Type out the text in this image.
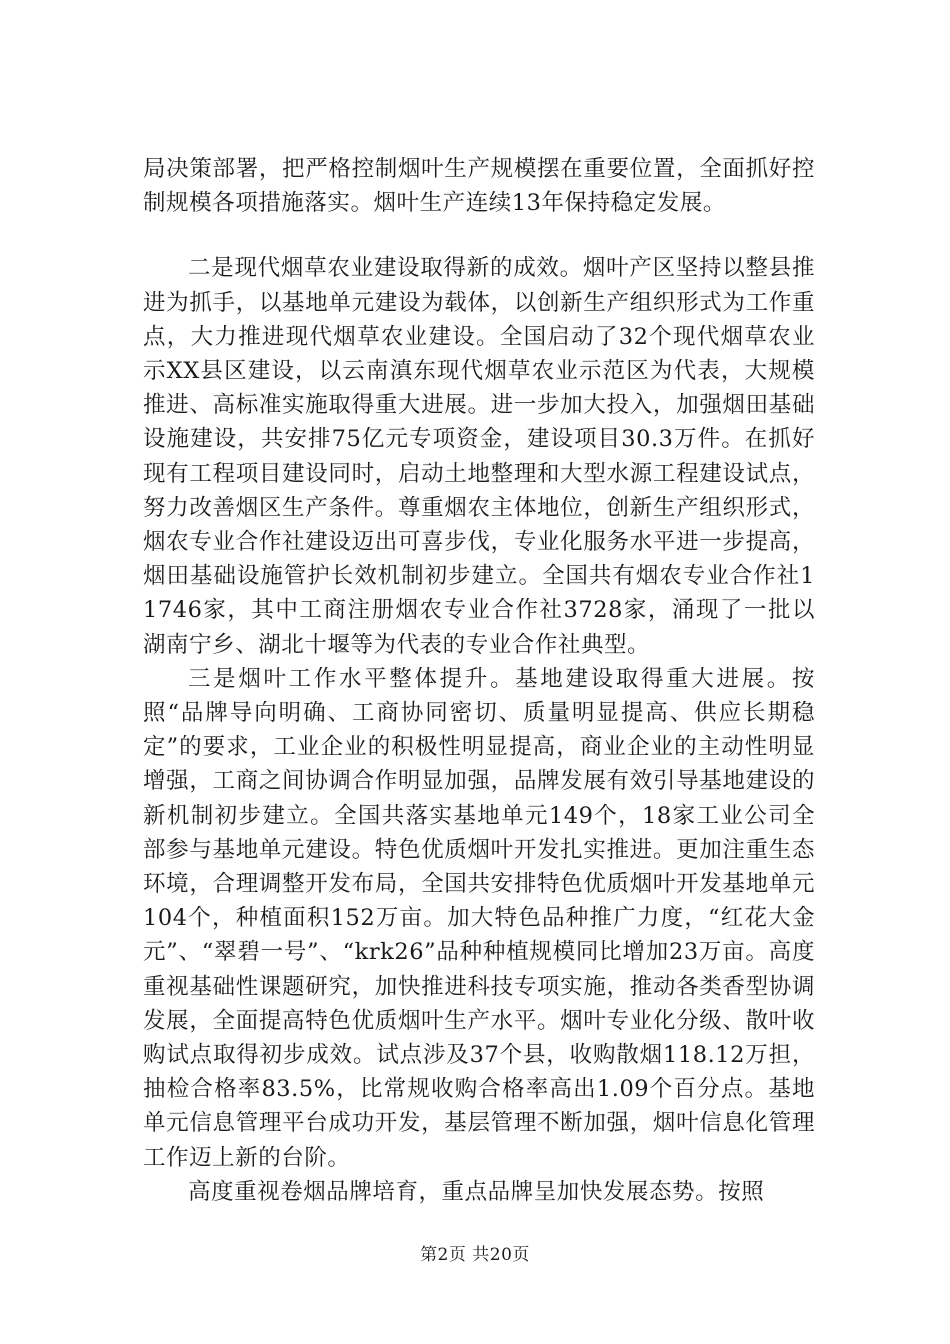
局决策部署，把严格控制烟叶生产规模摆在重要位置，全面抓好控制规模各项措施落实。烟叶生产连续13年保持稳定发展。

二是现代烟草农业建设取得新的成效。烟叶产区坚持以整县推进为抓手，以基地单元建设为载体，以创新生产组织形式为工作重点，大力推进现代烟草农业建设。全国启动了32个现代烟草农业示XX县区建设，以云南滇东现代烟草农业示范区为代表，大规模推进、高标准实施取得重大进展。进一步加大投入，加强烟田基础设施建设，共安排75亿元专项资金，建设项目30.3万件。在抓好现有工程项目建设同时，启动土地整理和大型水源工程建设试点，努力改善烟区生产条件。尊重烟农主体地位，创新生产组织形式，烟农专业合作社建设迈出可喜步伐，专业化服务水平进一步提高，烟田基础设施管护长效机制初步建立。全国共有烟农专业合作社11746家，其中工商注册烟农专业合作社3728家，涌现了一批以湖南宁乡、湖北十堰等为代表的专业合作社典型。

三是烟叶工作水平整体提升。基地建设取得重大进展。按照“品牌导向明确、工商协同密切、质量明显提高、供应长期稳定”的要求，工业企业的积极性明显提高，商业企业的主动性明显增强，工商之间协调合作明显加强，品牌发展有效引导基地建设的新机制初步建立。全国共落实基地单元149个，18家工业公司全部参与基地单元建设。特色优质烟叶开发扎实推进。更加注重生态环境，合理调整开发布局，全国共安排特色优质烟叶开发基地单元104个，种植面积152万亩。加大特色品种推广力度，“红花大金元”、“翠碧一号”、“krk26”品种种植规模同比增加23万亩。高度重视基础性课题研究，加快推进科技专项实施，推动各类香型协调发展，全面提高特色优质烟叶生产水平。烟叶专业化分级、散叶收购试点取得初步成效。试点涉及37个县，收购散烟118.12万担，抽检合格率83.5%，比常规收购合格率高出1.09个百分点。基地单元信息管理平台成功开发，基层管理不断加强，烟叶信息化管理工作迈上新的台阶。

高度重视卷烟品牌培育，重点品牌呈加快发展态势。按照

第2页 共20页
